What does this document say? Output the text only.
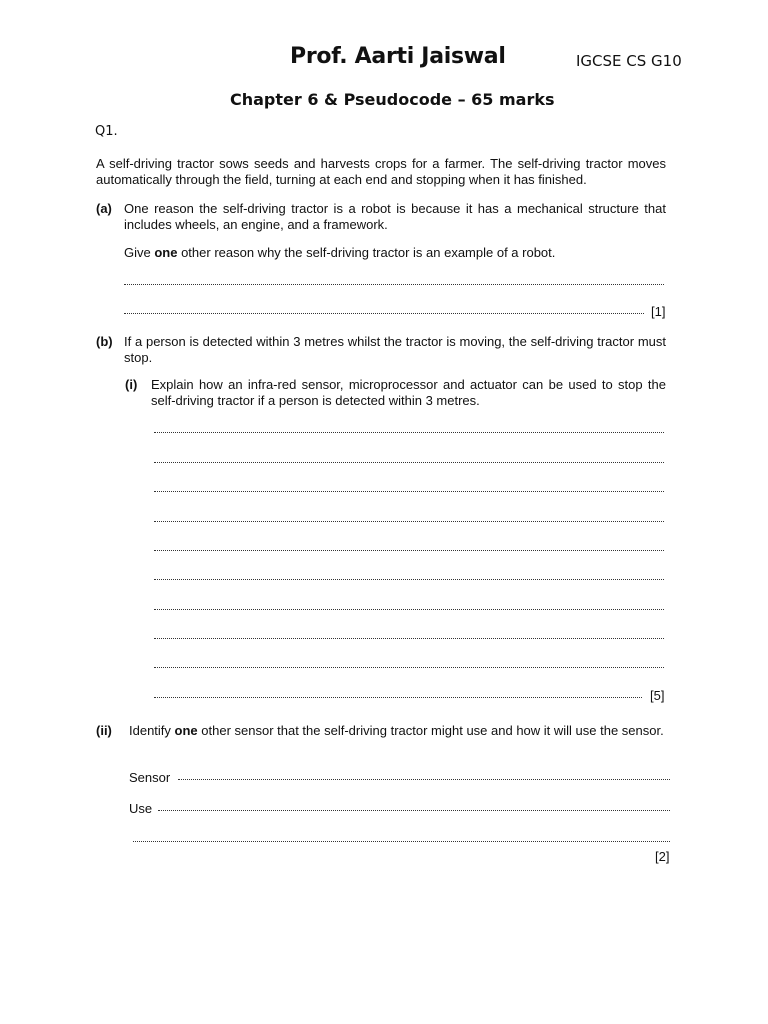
Prof. Aarti Jaiswal	IGCSE CS G10
Chapter 6 & Pseudocode – 65 marks
Q1.
A self-driving tractor sows seeds and harvests crops for a farmer. The self-driving tractor moves automatically through the field, turning at each end and stopping when it has finished.
(a) One reason the self-driving tractor is a robot is because it has a mechanical structure that includes wheels, an engine, and a framework.
Give one other reason why the self-driving tractor is an example of a robot.
[1]
(b) If a person is detected within 3 metres whilst the tractor is moving, the self-driving tractor must stop.
(i) Explain how an infra-red sensor, microprocessor and actuator can be used to stop the self-driving tractor if a person is detected within 3 metres.
[5]
(ii) Identify one other sensor that the self-driving tractor might use and how it will use the sensor.
Sensor
Use
[2]
